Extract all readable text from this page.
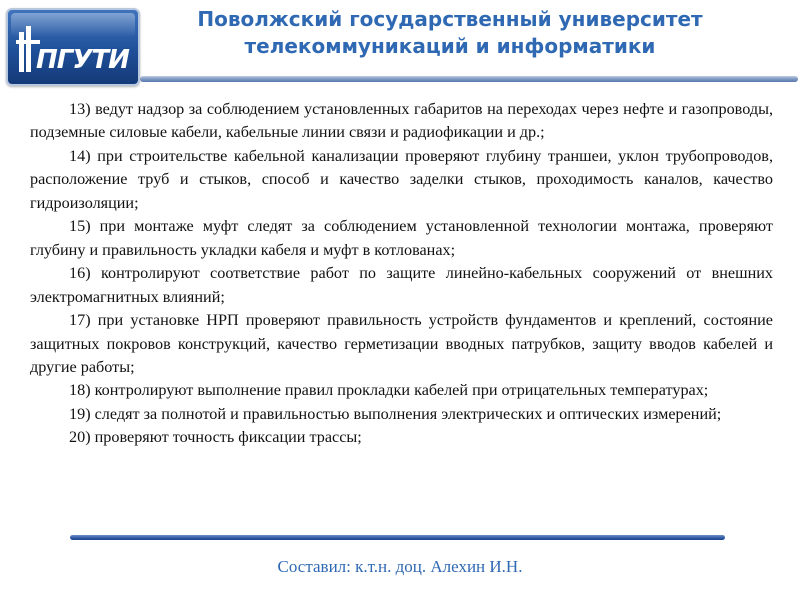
ПГУТИ
Поволжский государственный университет телекоммуникаций и информатики

13) ведут надзор за соблюдением установленных габаритов на переходах через нефте и газопроводы, подземные силовые кабели, кабельные линии связи и радиофикации и др.;

14) при строительстве кабельной канализации проверяют глубину траншеи, уклон трубопроводов, расположение труб и стыков, способ и качество заделки стыков, проходимость каналов, качество гидроизоляции;

15) при монтаже муфт следят за соблюдением установленной технологии монтажа, проверяют глубину и правильность укладки кабеля и муфт в котлованах;

16) контролируют соответствие работ по защите линейно-кабельных сооружений от внешних электромагнитных влияний;

17) при установке НРП проверяют правильность устройств фундаментов и креплений, состояние защитных покровов конструкций, качество герметизации вводных патрубков, защиту вводов кабелей и другие работы;

18) контролируют выполнение правил прокладки кабелей при отрицательных температурах;

19) следят за полнотой и правильностью выполнения электрических и оптических измерений;

20) проверяют точность фиксации трассы;

Составил: к.т.н. доц. Алехин И.Н.
